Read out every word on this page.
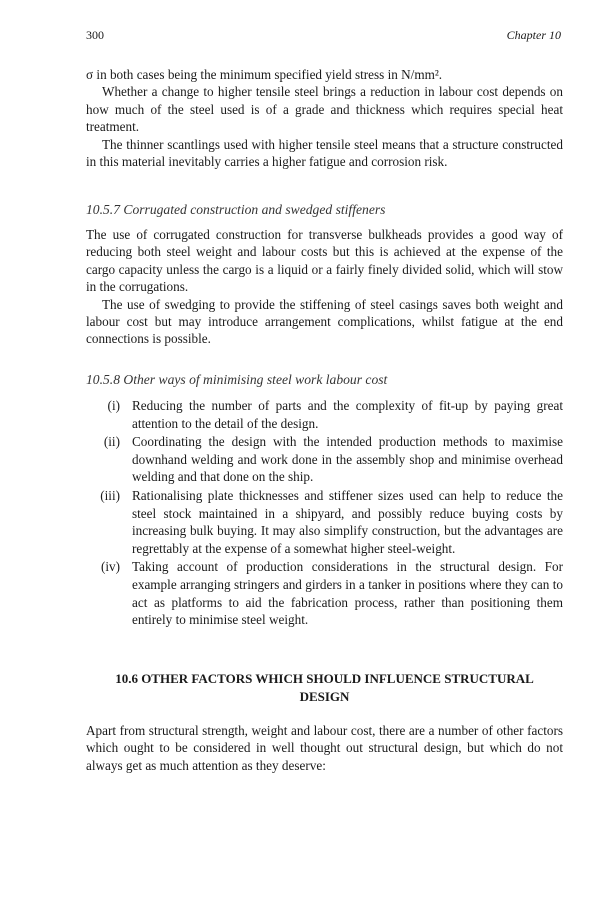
300	Chapter 10

σ in both cases being the minimum specified yield stress in N/mm².

Whether a change to higher tensile steel brings a reduction in labour cost depends on how much of the steel used is of a grade and thickness which requires special heat treatment.

The thinner scantlings used with higher tensile steel means that a structure constructed in this material inevitably carries a higher fatigue and corrosion risk.

10.5.7 Corrugated construction and swedged stiffeners

The use of corrugated construction for transverse bulkheads provides a good way of reducing both steel weight and labour costs but this is achieved at the expense of the cargo capacity unless the cargo is a liquid or a fairly finely divided solid, which will stow in the corrugations.

The use of swedging to provide the stiffening of steel casings saves both weight and labour cost but may introduce arrangement complications, whilst fatigue at the end connections is possible.

10.5.8 Other ways of minimising steel work labour cost
(i) Reducing the number of parts and the complexity of fit-up by paying great attention to the detail of the design.
(ii) Coordinating the design with the intended production methods to maximise downhand welding and work done in the assembly shop and minimise overhead welding and that done on the ship.
(iii) Rationalising plate thicknesses and stiffener sizes used can help to reduce the steel stock maintained in a shipyard, and possibly reduce buying costs by increasing bulk buying. It may also simplify construction, but the advantages are regrettably at the expense of a somewhat higher steel-weight.
(iv) Taking account of production considerations in the structural design. For example arranging stringers and girders in a tanker in positions where they can to act as platforms to aid the fabrication process, rather than positioning them entirely to minimise steel weight.
10.6 OTHER FACTORS WHICH SHOULD INFLUENCE STRUCTURAL
DESIGN

Apart from structural strength, weight and labour cost, there are a number of other factors which ought to be considered in well thought out structural design, but which do not always get as much attention as they deserve:
